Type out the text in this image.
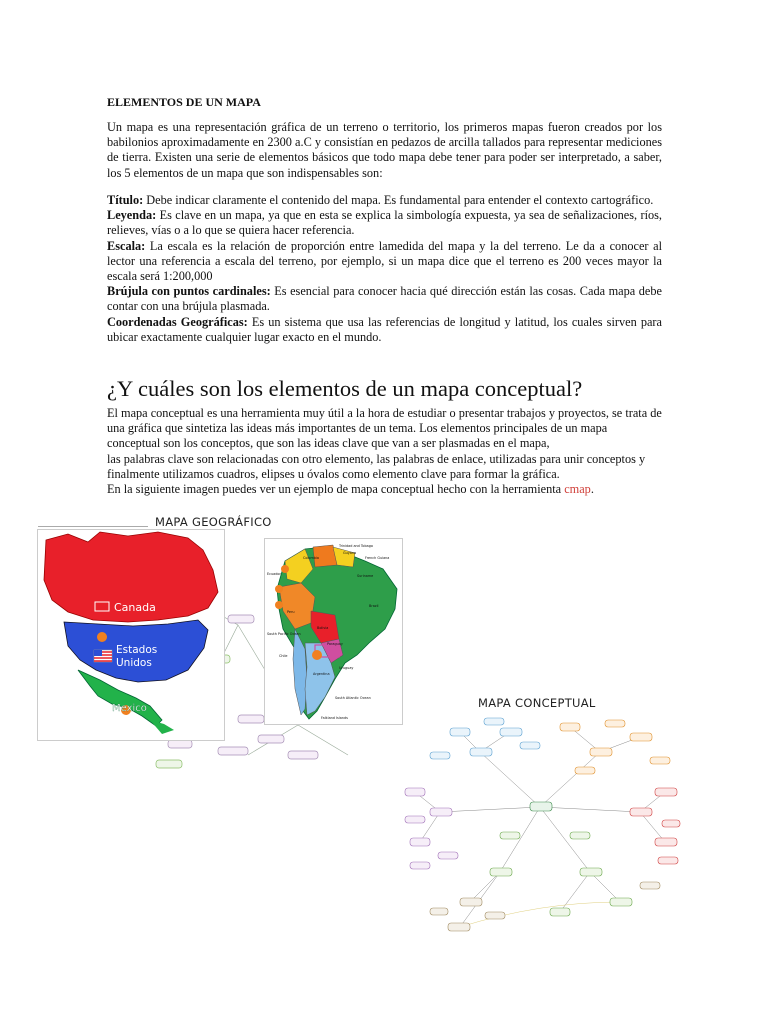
ELEMENTOS DE UN MAPA
Un mapa es una representación gráfica de un terreno o territorio, los primeros mapas fueron creados por los babilonios aproximadamente en 2300 a.C y consistían en pedazos de arcilla tallados para representar mediciones de tierra. Existen una serie de elementos básicos que todo mapa debe tener para poder ser interpretado, a saber, los 5 elementos de un mapa que son indispensables son:
Título: Debe indicar claramente el contenido del mapa. Es fundamental para entender el contexto cartográfico.
Leyenda: Es clave en un mapa, ya que en esta se explica la simbología expuesta, ya sea de señalizaciones, ríos, relieves, vías o a lo que se quiera hacer referencia.
Escala: La escala es la relación de proporción entre lamedida del mapa y la del terreno. Le da a conocer al lector una referencia a escala del terreno, por ejemplo, si un mapa dice que el terreno es 200 veces mayor la escala será 1:200,000
Brújula con puntos cardinales: Es esencial para conocer hacia qué dirección están las cosas. Cada mapa debe contar con una brújula plasmada.
Coordenadas Geográficas: Es un sistema que usa las referencias de longitud y latitud, los cuales sirven para ubicar exactamente cualquier lugar exacto en el mundo.
¿Y cuáles son los elementos de un mapa conceptual?
El mapa conceptual es una herramienta muy útil a la hora de estudiar o presentar trabajos y proyectos, se trata de una gráfica que sintetiza las ideas más importantes de un tema. Los elementos principales de un mapa conceptual son los conceptos, que son las ideas clave que van a ser plasmadas en el mapa,
las palabras clave son relacionadas con otro elemento, las palabras de enlace, utilizadas para unir conceptos y finalmente utilizamos cuadros, elipses u óvalos como elemento clave para formar la gráfica.
En la siguiente imagen puedes ver un ejemplo de mapa conceptual hecho con la herramienta cmap.
MAPA GEOGRÁFICO
Canada
Estados
Unidos
Mexico
Trinidad and Tobago
Guyana
French Guiana
Colombia
Ecuador	Suriname
Brazil
Peru
Bolivia
South Pacific Ocean
Chile
Paraguay
Argentina
Uruguay
South Atlantic Ocean
Falkland Islands
MAPA CONCEPTUAL
